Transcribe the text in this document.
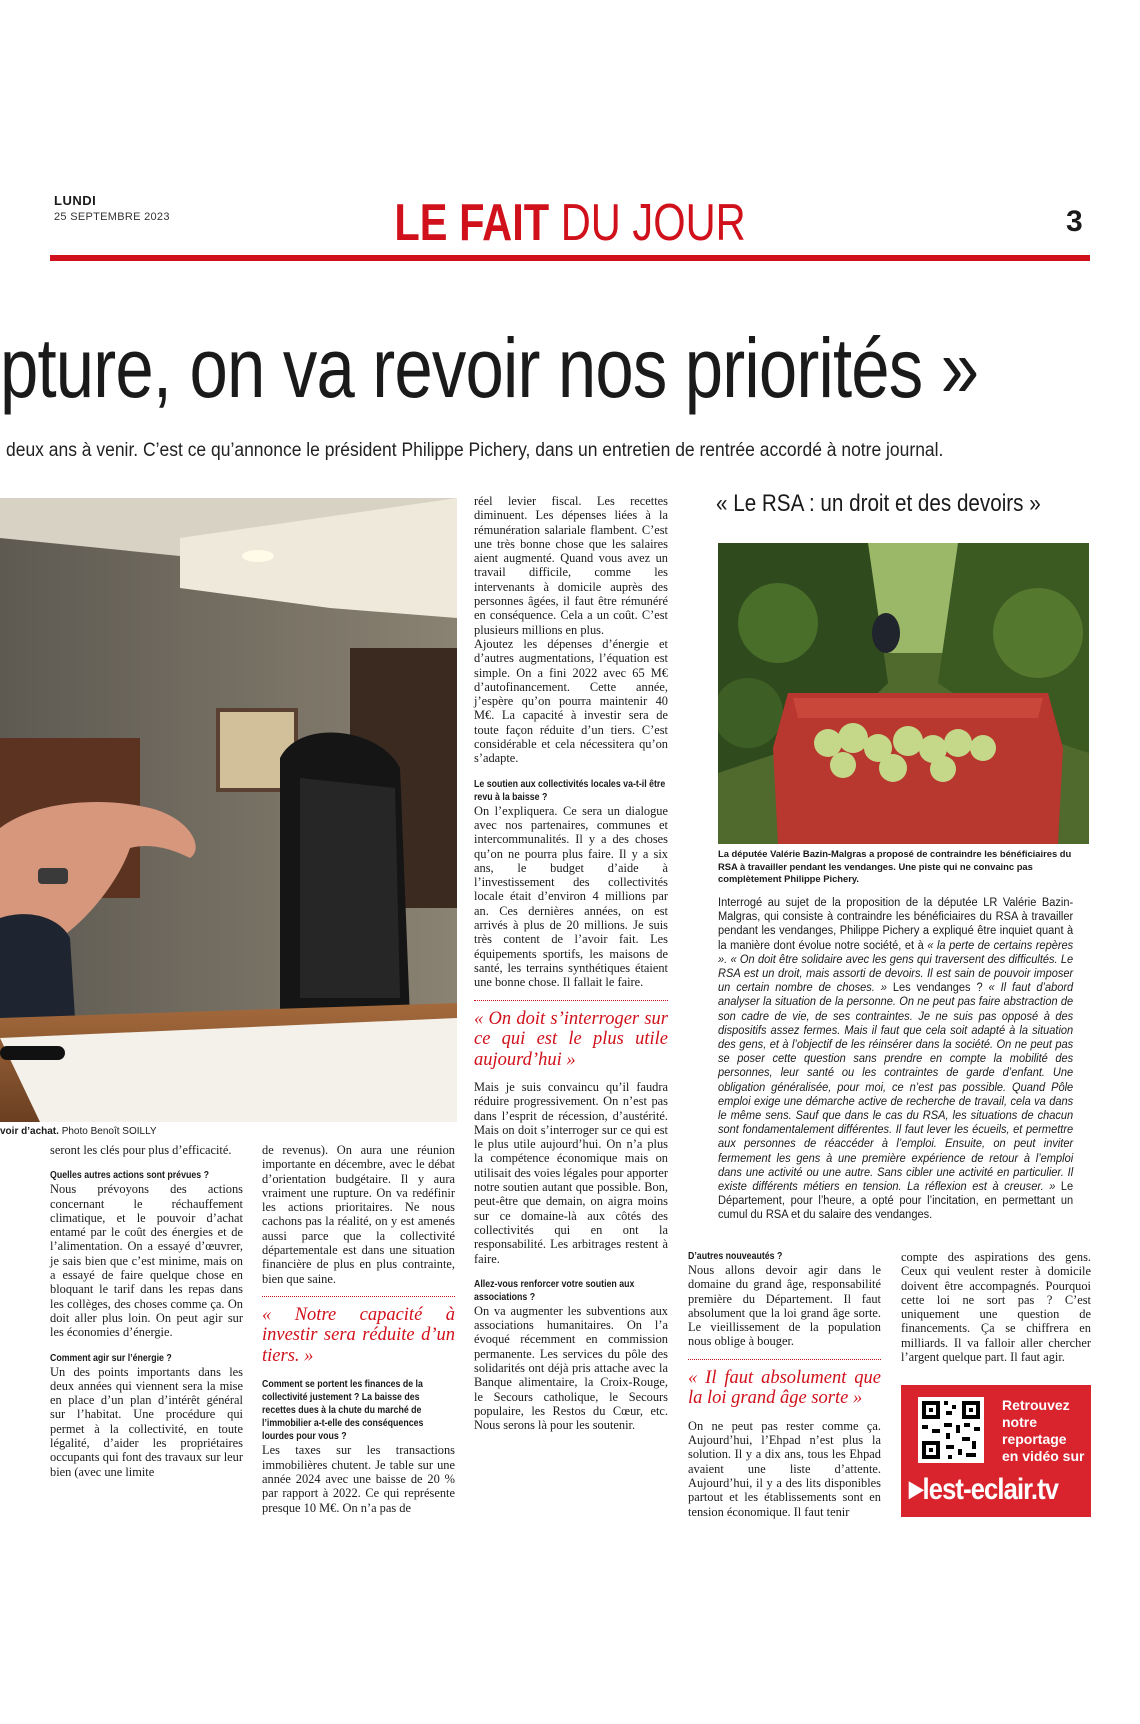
LUNDI
25 SEPTEMBRE 2023	LE FAIT DU JOUR	3
pture, on va revoir nos priorités »
deux ans à venir. C’est ce qu’annonce le président Philippe Pichery, dans un entretien de rentrée accordé à notre journal.
voir d’achat. Photo Benoît SOILLY

réel levier fiscal. Les recettes diminuent. Les dépenses liées à la rémunération salariale flambent. C’est une très bonne chose que les salaires aient augmenté. Quand vous avez un travail difficile, comme les intervenants à domicile auprès des personnes âgées, il faut être rémunéré en conséquence. Cela a un coût. C’est plusieurs millions en plus.

Ajoutez les dépenses d’énergie et d’autres augmentations, l’équation est simple. On a fini 2022 avec 65 M€ d’autofinancement. Cette année, j’espère qu’on pourra maintenir 40 M€. La capacité à investir sera de toute façon réduite d’un tiers. C’est considérable et cela nécessitera qu’on s’adapte.

Le soutien aux collectivités locales va-t-il être revu à la baisse ?

On l’expliquera. Ce sera un dialogue avec nos partenaires, communes et intercommunalités. Il y a des choses qu’on ne pourra plus faire. Il y a six ans, le budget d’aide à l’investissement des collectivités locale était d’environ 4 millions par an. Ces dernières années, on est arrivés à plus de 20 millions. Je suis très content de l’avoir fait. Les équipements sportifs, les maisons de santé, les terrains synthétiques étaient une bonne chose. Il fallait le faire.

« On doit s’interroger sur ce qui est le plus utile aujourd’hui »

Mais je suis convaincu qu’il faudra réduire progressivement. On n’est pas dans l’esprit de récession, d’austérité. Mais on doit s’interroger sur ce qui est le plus utile aujourd’hui. On n’a plus la compétence économique mais on utilisait des voies légales pour apporter notre soutien autant que possible. Bon, peut-être que demain, on aigra moins sur ce domaine-là aux côtés des collectivités qui en ont la responsabilité. Les arbitrages restent à faire.

Allez-vous renforcer votre soutien aux associations ?

On va augmenter les subventions aux associations humanitaires. On l’a évoqué récemment en commission permanente. Les services du pôle des solidarités ont déjà pris attache avec la Banque alimentaire, la Croix-Rouge, le Secours catholique, le Secours populaire, les Restos du Cœur, etc. Nous serons là pour les soutenir.

seront les clés pour plus d’efficacité.

Quelles autres actions sont prévues ?

Nous prévoyons des actions concernant le réchauffement climatique, et le pouvoir d’achat entamé par le coût des énergies et de l’alimentation. On a essayé d’œuvrer, je sais bien que c’est minime, mais on a essayé de faire quelque chose en bloquant le tarif dans les repas dans les collèges, des choses comme ça. On doit aller plus loin. On peut agir sur les économies d’énergie.

Comment agir sur l’énergie ?

Un des points importants dans les deux années qui viennent sera la mise en place d’un plan d’intérêt général sur l’habitat. Une procédure qui permet à la collectivité, en toute légalité, d’aider les propriétaires occupants qui font des travaux sur leur bien (avec une limite

de revenus). On aura une réunion importante en décembre, avec le débat d’orientation budgétaire. Il y aura vraiment une rupture. On va redéfinir les actions prioritaires. Ne nous cachons pas la réalité, on y est amenés aussi parce que la collectivité départementale est dans une situation financière de plus en plus contrainte, bien que saine.

« Notre capacité à investir sera réduite d’un tiers. »

Comment se portent les finances de la collectivité justement ? La baisse des recettes dues à la chute du marché de l’immobilier a-t-elle des conséquences lourdes pour vous ?

Les taxes sur les transactions immobilières chutent. Je table sur une année 2024 avec une baisse de 20 % par rapport à 2022. Ce qui représente presque 10 M€. On n’a pas de

« Le RSA : un droit et des devoirs »
La députée Valérie Bazin-Malgras a proposé de contraindre les bénéficiaires du RSA à travailler pendant les vendanges. Une piste qui ne convainc pas complètement Philippe Pichery.
Interrogé au sujet de la proposition de la députée LR Valérie Bazin-Malgras, qui consiste à contraindre les bénéficiaires du RSA à travailler pendant les vendanges, Philippe Pichery a expliqué être inquiet quant à la manière dont évolue notre société, et à « la perte de certains repères ». « On doit être solidaire avec les gens qui traversent des difficultés. Le RSA est un droit, mais assorti de devoirs. Il est sain de pouvoir imposer un certain nombre de choses. » Les vendanges ? « Il faut d’abord analyser la situation de la personne. On ne peut pas faire abstraction de son cadre de vie, de ses contraintes. Je ne suis pas opposé à des dispositifs assez fermes. Mais il faut que cela soit adapté à la situation des gens, et à l’objectif de les réinsérer dans la société. On ne peut pas se poser cette question sans prendre en compte la mobilité des personnes, leur santé ou les contraintes de garde d’enfant. Une obligation généralisée, pour moi, ce n’est pas possible. Quand Pôle emploi exige une démarche active de recherche de travail, cela va dans le même sens. Sauf que dans le cas du RSA, les situations de chacun sont fondamentalement différentes. Il faut lever les écueils, et permettre aux personnes de réaccéder à l’emploi. Ensuite, on peut inviter fermement les gens à une première expérience de retour à l’emploi dans une activité ou une autre. Sans cibler une activité en particulier. Il existe différents métiers en tension. La réflexion est à creuser. » Le Département, pour l’heure, a opté pour l’incitation, en permettant un cumul du RSA et du salaire des vendanges.

D’autres nouveautés ?

Nous allons devoir agir dans le domaine du grand âge, responsabilité première du Département. Il faut absolument que la loi grand âge sorte. Le vieillissement de la population nous oblige à bouger.

« Il faut absolument que la loi grand âge sorte »

On ne peut pas rester comme ça. Aujourd’hui, l’Ehpad n’est plus la solution. Il y a dix ans, tous les Ehpad avaient une liste d’attente. Aujourd’hui, il y a des lits disponibles partout et les établissements sont en tension économique. Il faut tenir

compte des aspirations des gens. Ceux qui veulent rester à domicile doivent être accompagnés. Pourquoi cette loi ne sort pas ? C’est uniquement une question de financements. Ça se chiffrera en milliards. Il va falloir aller chercher l’argent quelque part. Il faut agir.

Retrouvez
notre
reportage
en vidéo sur
▶lest-eclair.tv
